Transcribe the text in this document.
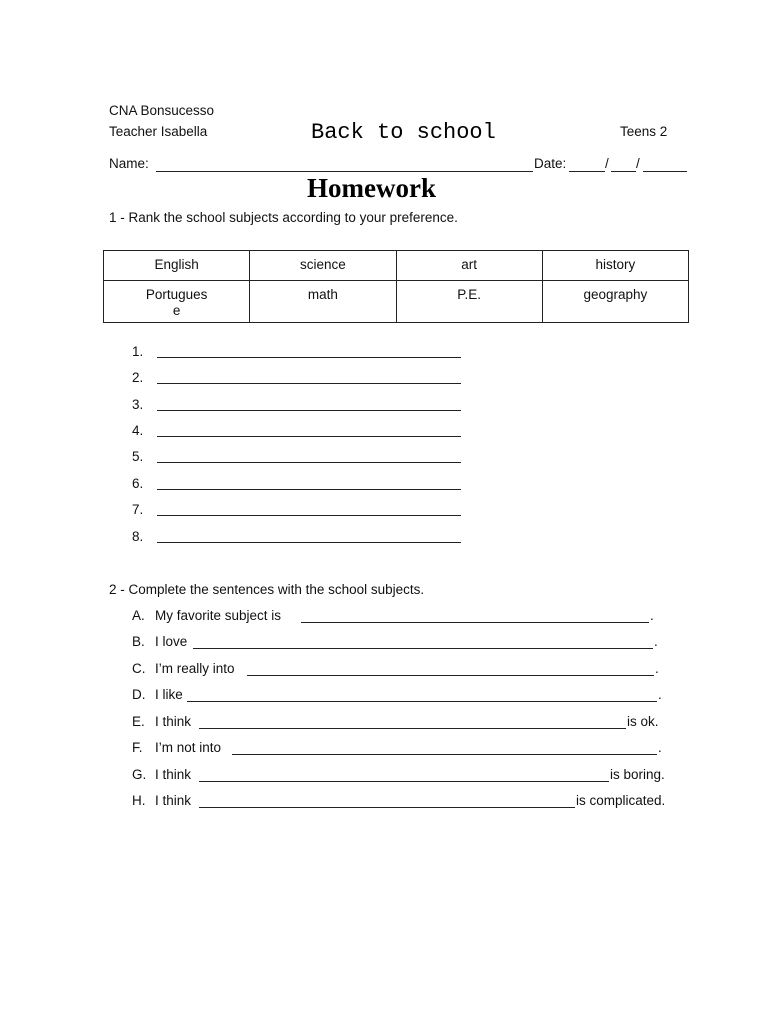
CNA Bonsucesso
Teacher Isabella	Back to school	Teens 2
Name:	Date:	/ /
Homework
1 - Rank the school subjects according to your preference.
English	science	art	history
Portuguese	math	P.E.	geography
1.
2.
3.
4.
5.
6.
7.
8.
2 - Complete the sentences with the school subjects.
A. My favorite subject is	.
B. I love	.
C. I’m really into	.
D. I like	.
E. I think	is ok.
F. I’m not into	.
G. I think	is boring.
H. I think	is complicated.
